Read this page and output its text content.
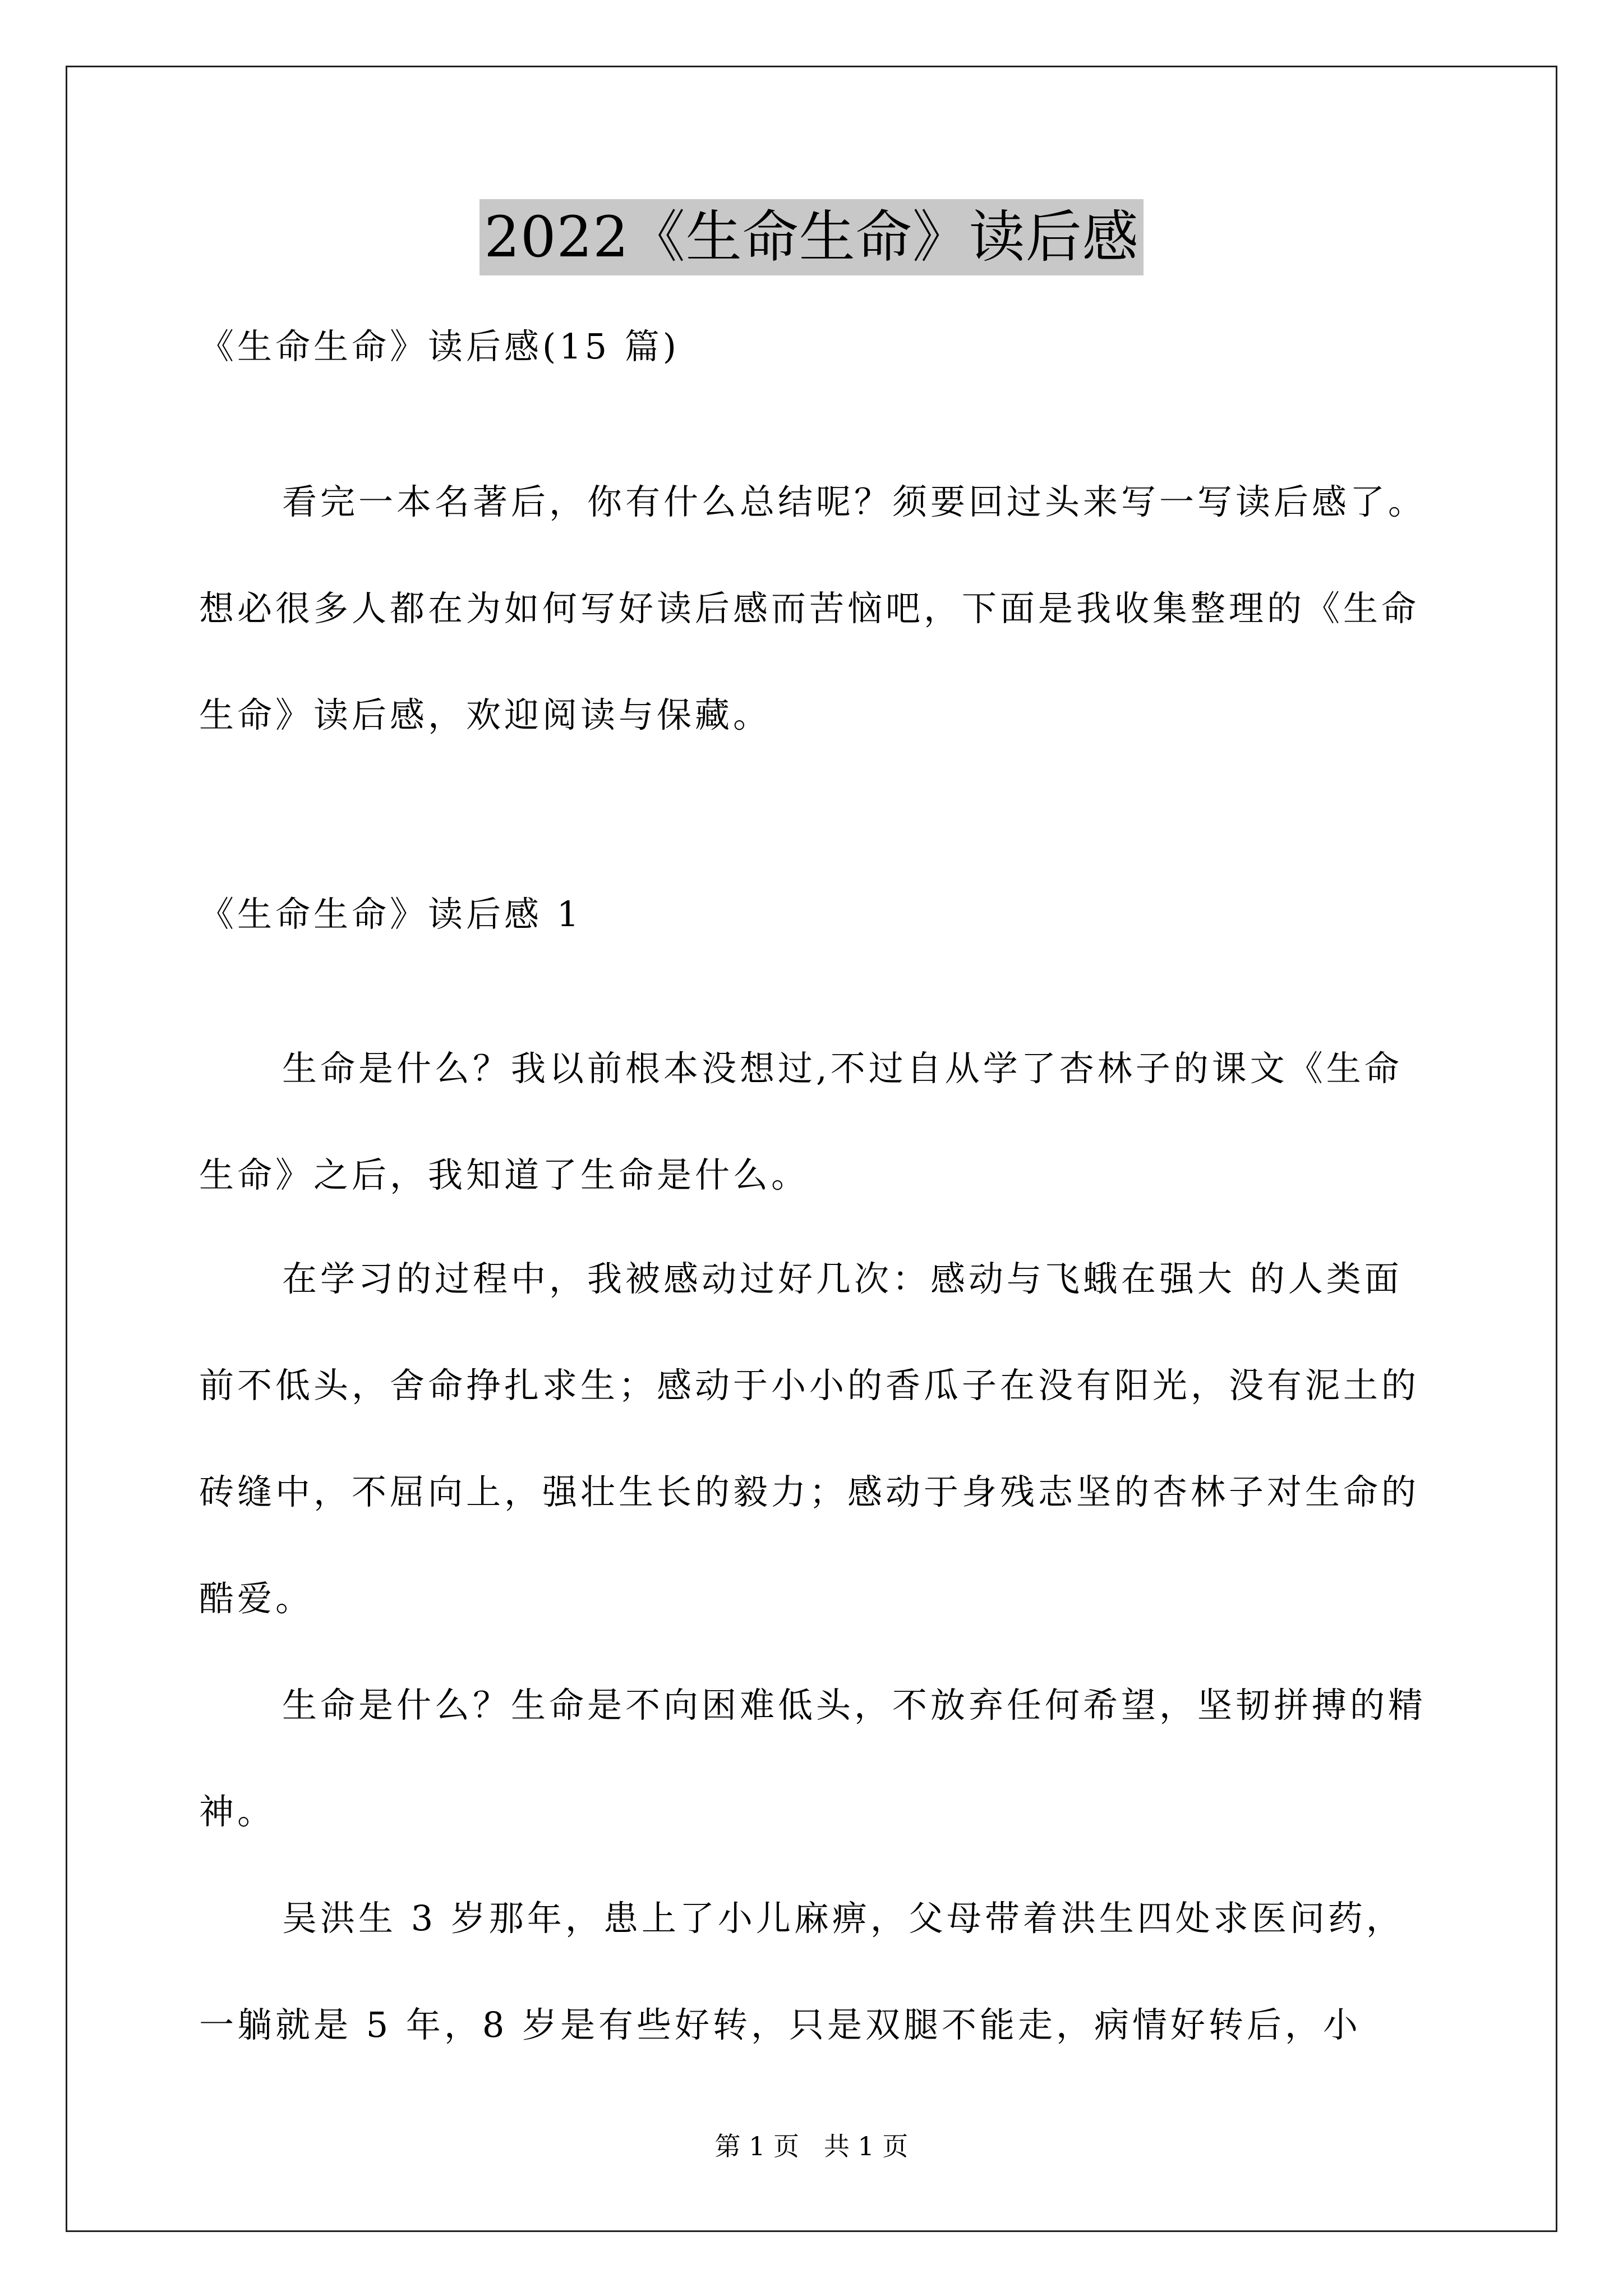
2022《生命生命》读后感

《生命生命》读后感(15 篇)

看完一本名著后，你有什么总结呢？须要回过头来写一写读后感了。想必很多人都在为如何写好读后感而苦恼吧，下面是我收集整理的《生命生命》读后感，欢迎阅读与保藏。

《生命生命》读后感 1

生命是什么？我以前根本没想过,不过自从学了杏林子的课文《生命生命》之后，我知道了生命是什么。

在学习的过程中，我被感动过好几次：感动与飞蛾在强大 的人类面前不低头，舍命挣扎求生；感动于小小的香瓜子在没有阳光，没有泥土的砖缝中，不屈向上，强壮生长的毅力；感动于身残志坚的杏林子对生命的酷爱。

生命是什么？生命是不向困难低头，不放弃任何希望，坚韧拼搏的精神。

吴洪生 3 岁那年，患上了小儿麻痹，父母带着洪生四处求医问药，一躺就是 5 年，8 岁是有些好转，只是双腿不能走，病情好转后，小

第 1 页   共 1 页
